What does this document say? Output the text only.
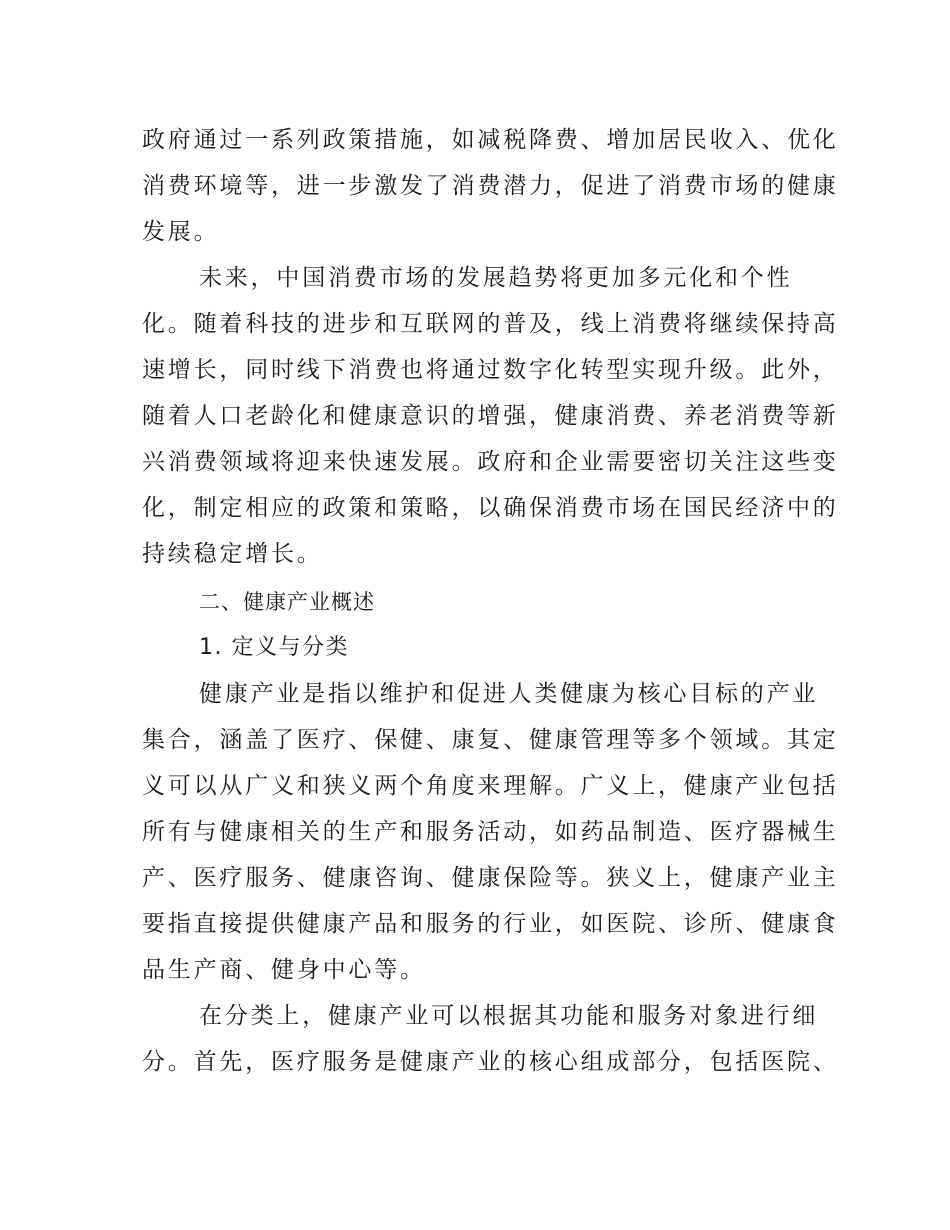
政府通过一系列政策措施，如减税降费、增加居民收入、优化
消费环境等，进一步激发了消费潜力，促进了消费市场的健康
发展。
未来，中国消费市场的发展趋势将更加多元化和个性
化。随着科技的进步和互联网的普及，线上消费将继续保持高
速增长，同时线下消费也将通过数字化转型实现升级。此外，
随着人口老龄化和健康意识的增强，健康消费、养老消费等新
兴消费领域将迎来快速发展。政府和企业需要密切关注这些变
化，制定相应的政策和策略，以确保消费市场在国民经济中的
持续稳定增长。
二、健康产业概述
1. 定义与分类
健康产业是指以维护和促进人类健康为核心目标的产业
集合，涵盖了医疗、保健、康复、健康管理等多个领域。其定
义可以从广义和狭义两个角度来理解。广义上，健康产业包括
所有与健康相关的生产和服务活动，如药品制造、医疗器械生
产、医疗服务、健康咨询、健康保险等。狭义上，健康产业主
要指直接提供健康产品和服务的行业，如医院、诊所、健康食
品生产商、健身中心等。
在分类上，健康产业可以根据其功能和服务对象进行细
分。首先，医疗服务是健康产业的核心组成部分，包括医院、
